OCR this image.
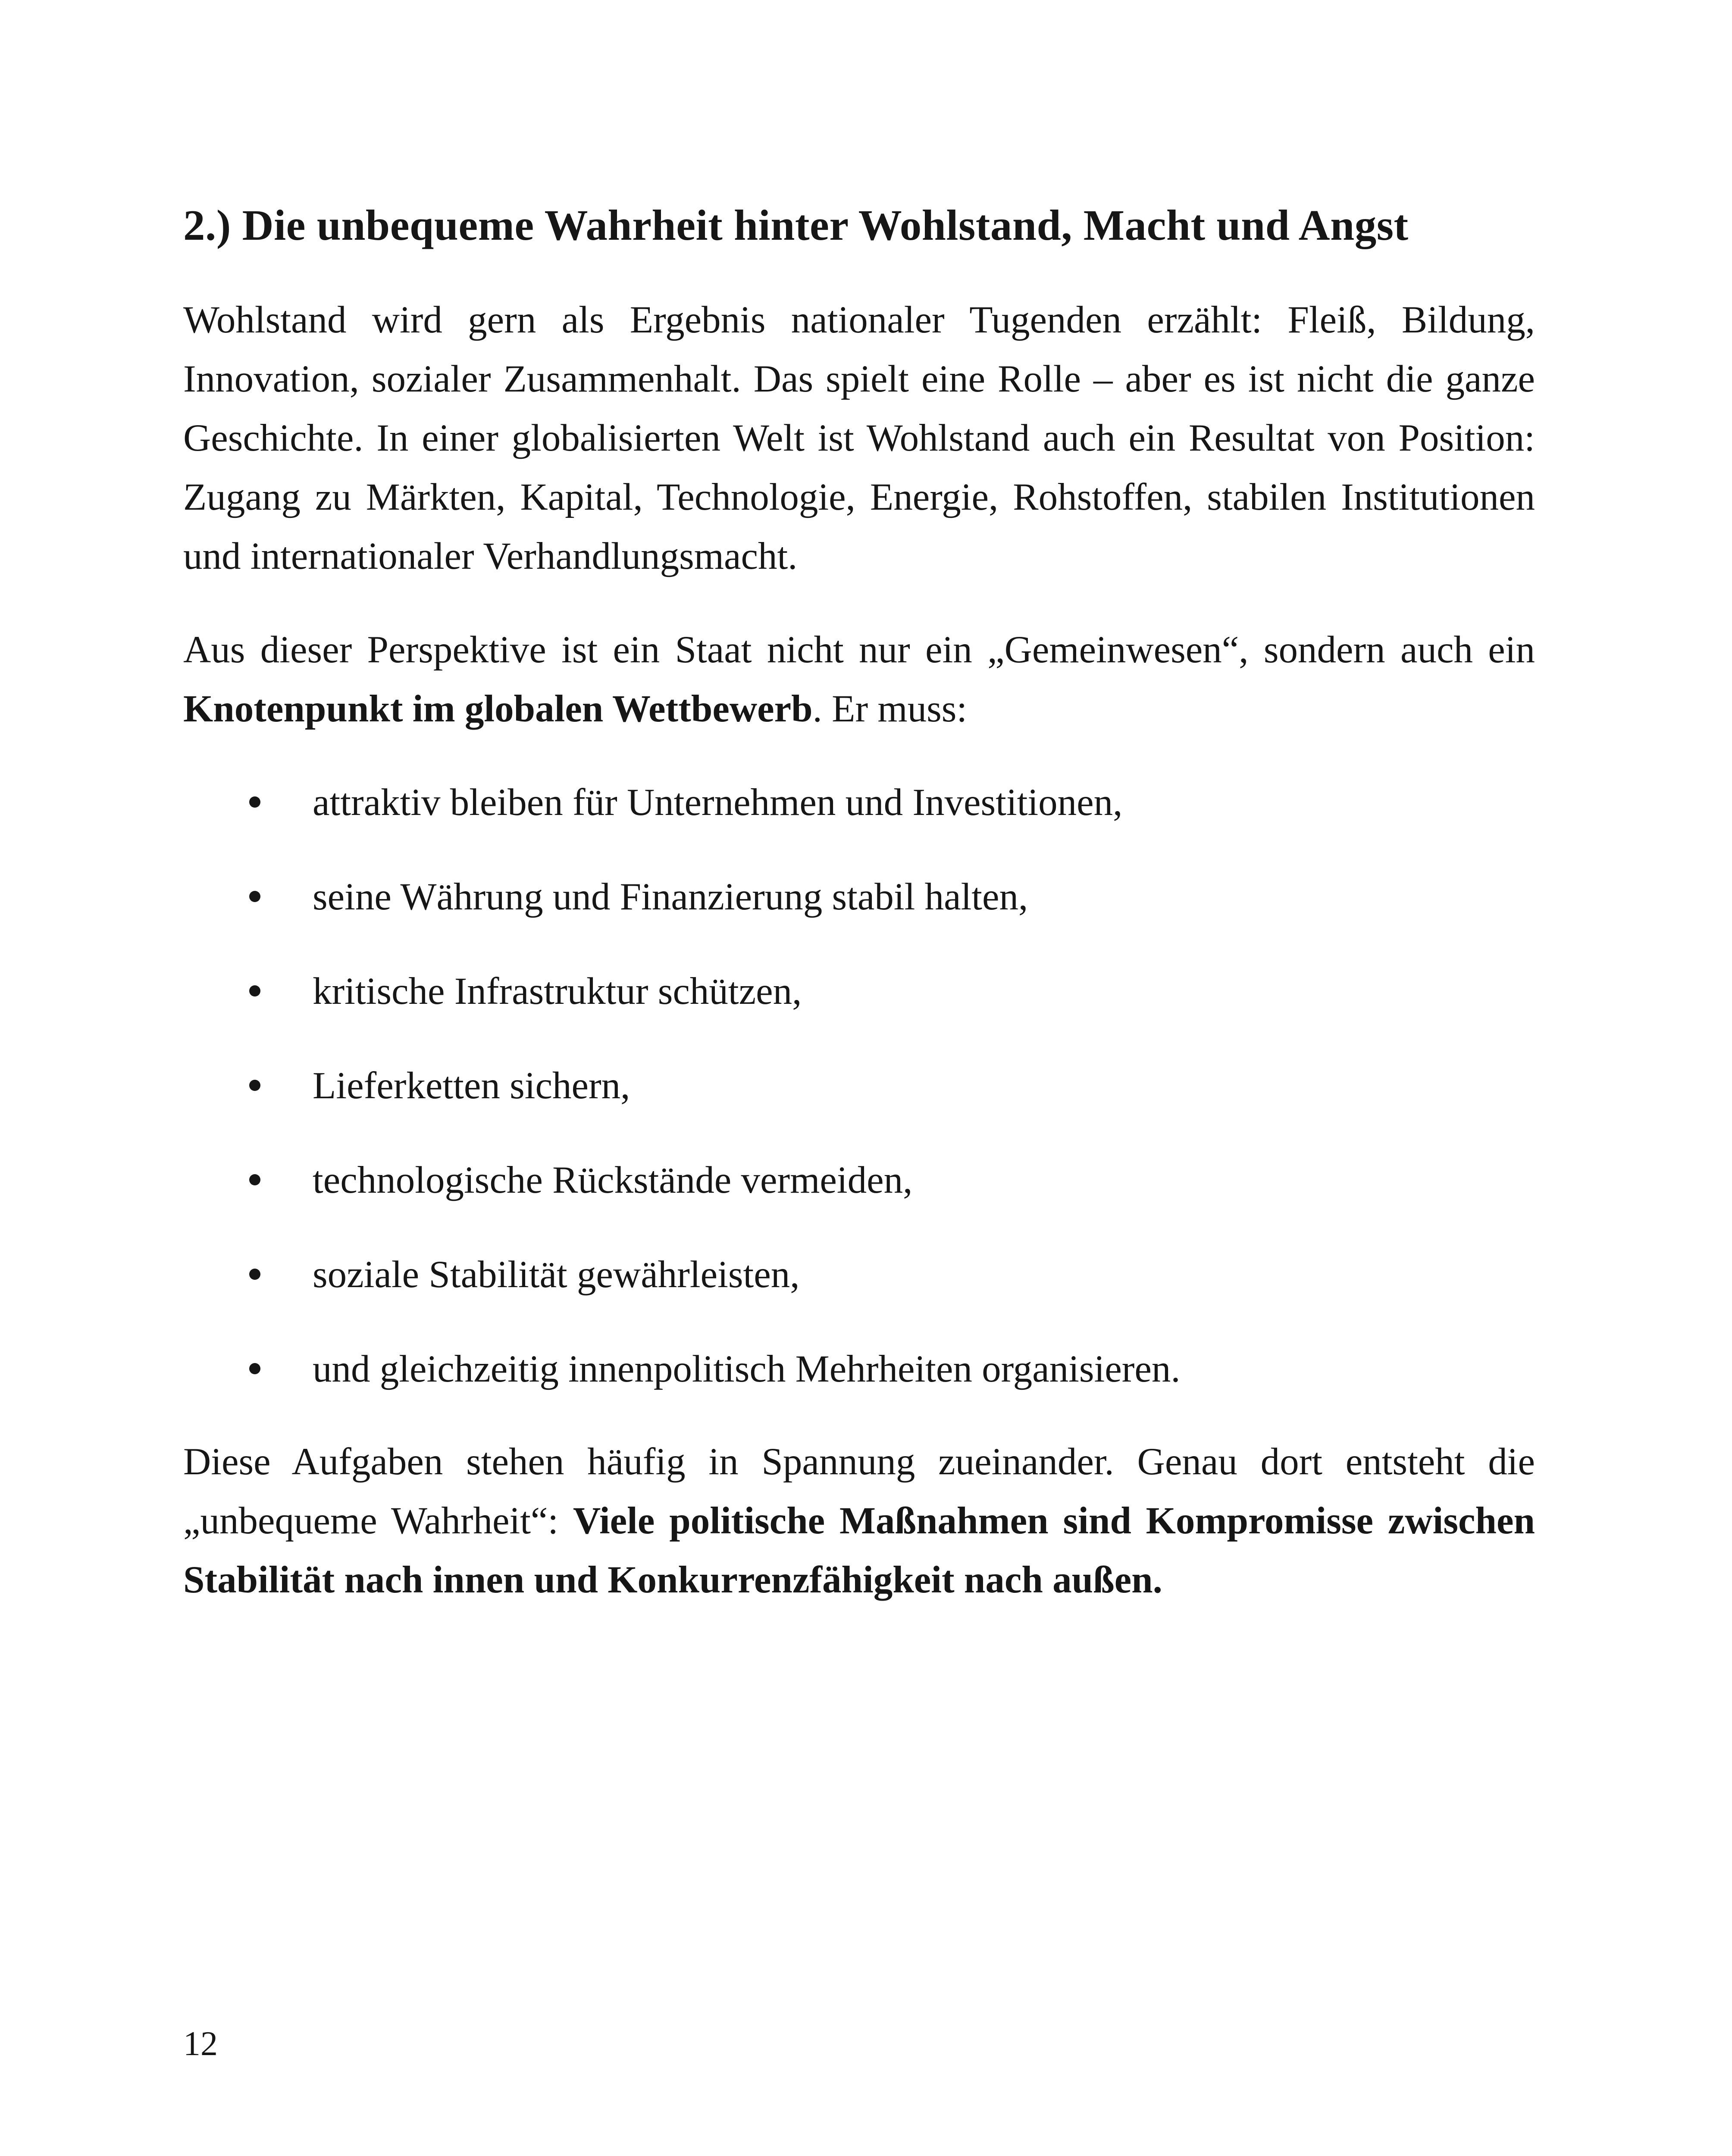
2.) Die unbequeme Wahrheit hinter Wohlstand, Macht und Angst

Wohlstand wird gern als Ergebnis nationaler Tugenden erzählt: Fleiß, Bildung, Innovation, sozialer Zusammenhalt. Das spielt eine Rolle – aber es ist nicht die ganze Geschichte. In einer globalisierten Welt ist Wohlstand auch ein Resultat von Position: Zugang zu Märkten, Kapital, Technologie, Energie, Rohstoffen, stabilen Institutionen und internationaler Verhandlungsmacht.

Aus dieser Perspektive ist ein Staat nicht nur ein „Gemeinwesen“, sondern auch ein Knotenpunkt im globalen Wettbewerb. Er muss:

attraktiv bleiben für Unternehmen und Investitionen,
seine Währung und Finanzierung stabil halten,
kritische Infrastruktur schützen,
Lieferketten sichern,
technologische Rückstände vermeiden,
soziale Stabilität gewährleisten,
und gleichzeitig innenpolitisch Mehrheiten organisieren.

Diese Aufgaben stehen häufig in Spannung zueinander. Genau dort entsteht die „unbequeme Wahrheit“: Viele politische Maßnahmen sind Kompromisse zwischen Stabilität nach innen und Konkurrenzfähigkeit nach außen.

12
